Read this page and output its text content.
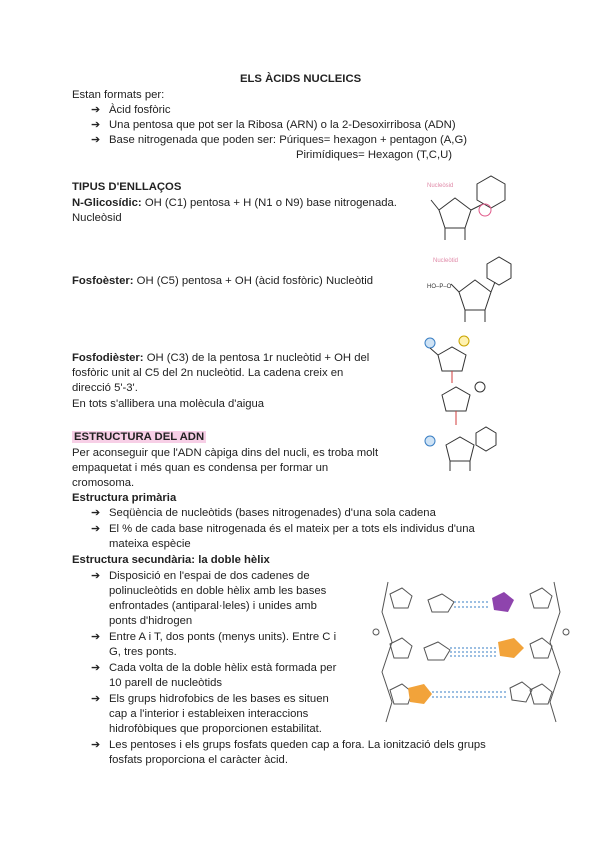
ELS ÀCIDS NUCLEICS
Estan formats per:
➔ Àcid fosfòric
➔ Una pentosa que pot ser la Ribosa (ARN) o la 2-Desoxirribosa (ADN)
➔ Base nitrogenada que poden ser: Púriques= hexagon + pentagon (A,G)
Pirimídiques= Hexagon (T,C,U)
TIPUS D'ENLLAÇOS
N-Glicosídic: OH (C1) pentosa + H (N1 o N9) base nitrogenada.
Nucleòsid
Fosfoèster: OH (C5) pentosa + OH (àcid fosfòric) Nucleòtid
Fosfodièster: OH (C3) de la pentosa 1r nucleòtid + OH del
fosfòric unit al C5 del 2n nucleòtid. La cadena creix en
direcció 5'-3'.
En tots s'allibera una molècula d'aigua
Nucleòsid
Nucleòtid
HO–P–O
ESTRUCTURA DEL ADN
Per aconseguir que l'ADN càpiga dins del nucli, es troba molt
empaquetat i més quan es condensa per formar un
cromosoma.
Estructura primària
➔ Seqüència de nucleòtids (bases nitrogenades) d'una sola cadena
➔ El % de cada base nitrogenada és el mateix per a tots els individus d'una
mateixa espècie
Estructura secundària: la doble hèlix
➔ Disposició en l'espai de dos cadenes de
polinucleòtids en doble hèlix amb les bases
enfrontades (antiparal·leles) i unides amb
ponts d'hidrogen
➔ Entre A i T, dos ponts (menys units). Entre C i
G, tres ponts.
➔ Cada volta de la doble hèlix està formada per
10 parell de nucleòtids
➔ Els grups hidrofobics de les bases es situen
cap a l'interior i estableixen interaccions
hidrofòbiques que proporcionen estabilitat.
➔ Les pentoses i els grups fosfats queden cap a fora. La ionització dels grups
fosfats proporciona el caràcter àcid.
